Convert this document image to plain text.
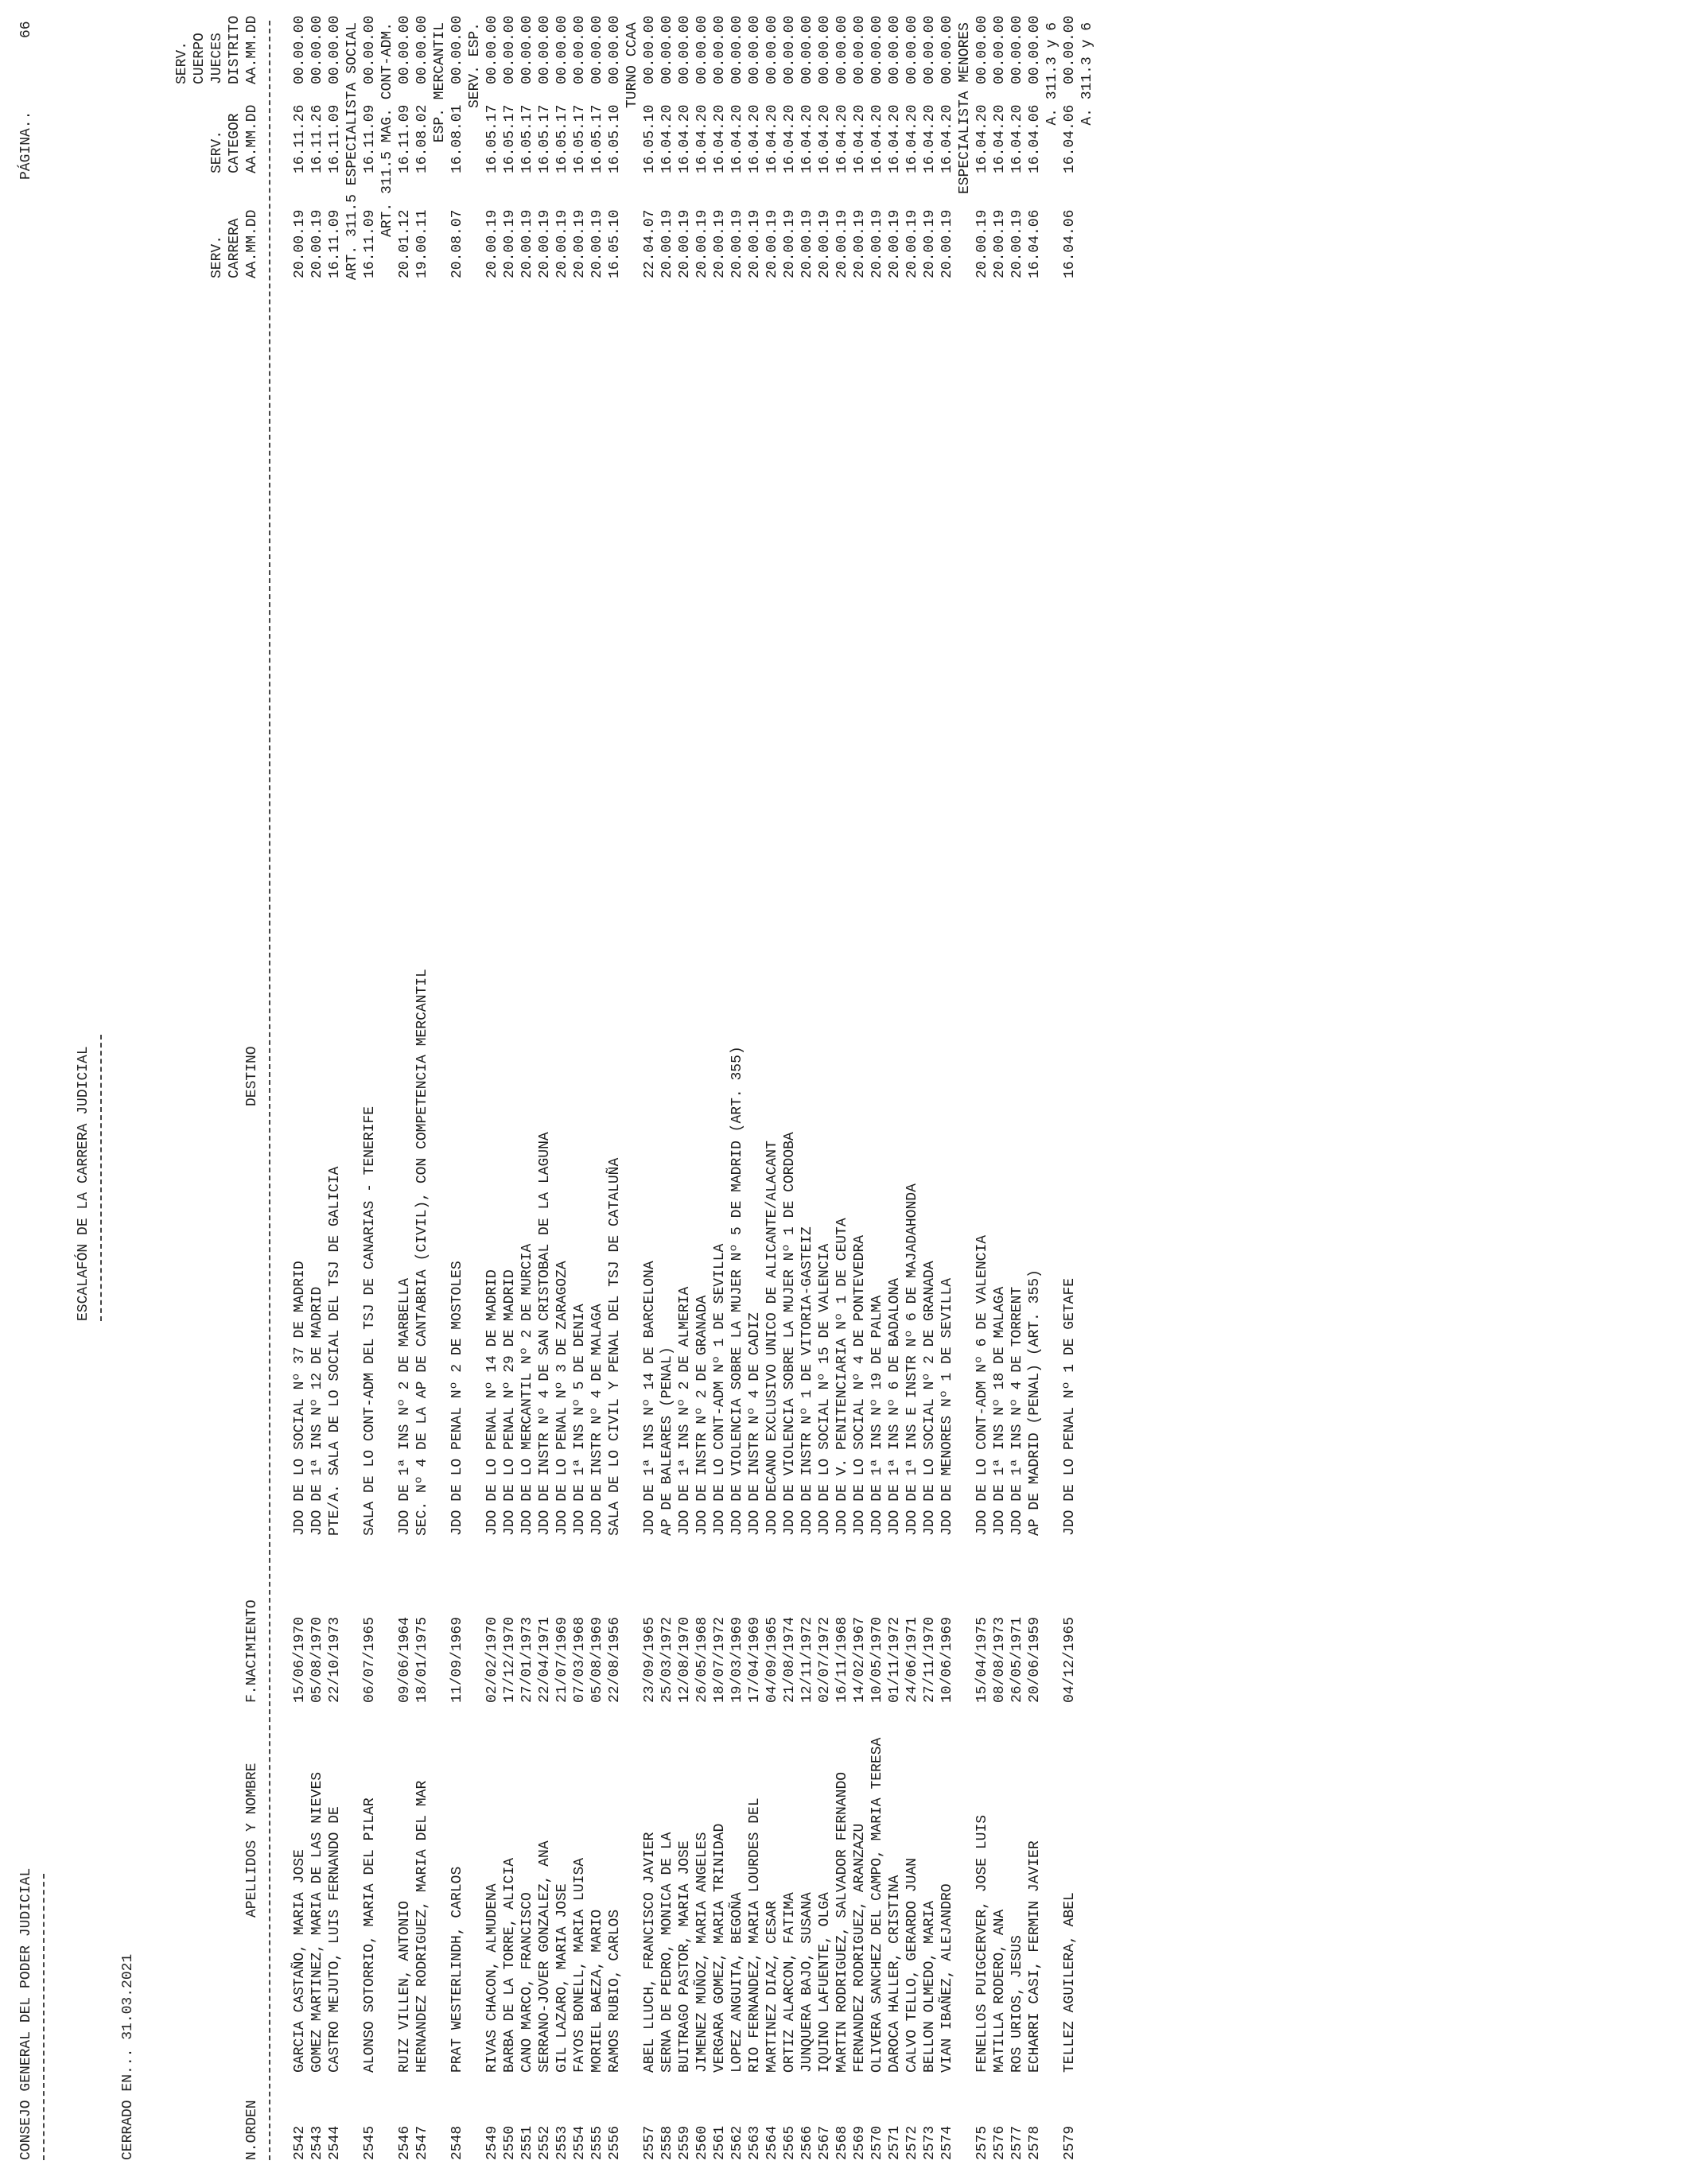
CONSEJO GENERAL DEL PODER JUDICIAL
ESCALAFÓN DE LA CARRERA JUDICIAL
PÁGINA..
66
CERRADO EN... 31.03.2021
SERV. CUERPO JUECES DISTRITO AA.MM.DD
SERV. CATEGOR AA.MM.DD
SERV. CARRERA AA.MM.DD
N.ORDEN
APELLIDOS Y NOMBRE
F.NACIMIENTO
DESTINO
2542
GARCIA CASTAÑO, MARIA JOSE
15/06/1970
JDO DE LO SOCIAL Nº 37 DE MADRID
20.00.19
16.11.26
00.00.00
2543
GOMEZ MARTINEZ, MARIA DE LAS NIEVES
05/08/1970
JDO DE 1ª INS Nº 12 DE MADRID
20.00.19
16.11.26
00.00.00
2544
CASTRO MEJUTO, LUIS FERNANDO DE
22/10/1973
PTE/A. SALA DE LO SOCIAL DEL TSJ DE GALICIA
16.11.09
16.11.09
00.00.00 ART. 311.5 ESPECIALISTA SOCIAL
2545
ALONSO SOTORRIO, MARIA DEL PILAR
06/07/1965
SALA DE LO CONT-ADM DEL TSJ DE CANARIAS - TENERIFE
16.11.09
16.11.09
00.00.00 ART. 311.5 MAG. CONT-ADM.
2546
RUIZ VILLEN, ANTONIO
09/06/1964
JDO DE 1ª INS Nº 2 DE MARBELLA
20.01.12
16.11.09
00.00.00
2547
HERNANDEZ RODRIGUEZ, MARIA DEL MAR
18/01/1975
SEC. Nº 4 DE LA AP DE CANTABRIA (CIVIL), CON COMPETENCIA MERCANTIL
19.00.11
16.08.02
00.00.00 ESP. MERCANTIL
2548
PRAT WESTERLINDH, CARLOS
11/09/1969
JDO DE LO PENAL Nº 2 DE MOSTOLES
20.08.07
16.08.01
00.00.00 SERV. ESP.
2549
RIVAS CHACON, ALMUDENA
02/02/1970
JDO DE LO PENAL Nº 14 DE MADRID
20.00.19
16.05.17
00.00.00
2550
BARBA DE LA TORRE, ALICIA
17/12/1970
JDO DE LO PENAL Nº 29 DE MADRID
20.00.19
16.05.17
00.00.00
2551
CANO MARCO, FRANCISCO
27/01/1973
JDO DE LO MERCANTIL Nº 2 DE MURCIA
20.00.19
16.05.17
00.00.00
2552
SERRANO-JOVER GONZALEZ, ANA
22/04/1971
JDO DE INSTR Nº 4 DE SAN CRISTOBAL DE LA LAGUNA
20.00.19
16.05.17
00.00.00
2553
GIL LAZARO, MARIA JOSE
21/07/1969
JDO DE LO PENAL Nº 3 DE ZARAGOZA
20.00.19
16.05.17
00.00.00
2554
FAYOS BONELL, MARIA LUISA
07/03/1968
JDO DE 1ª INS Nº 5 DE DENIA
20.00.19
16.05.17
00.00.00
2555
MORIEL BAEZA, MARIO
05/08/1969
JDO DE INSTR Nº 4 DE MALAGA
20.00.19
16.05.17
00.00.00
2556
RAMOS RUBIO, CARLOS
22/08/1956
SALA DE LO CIVIL Y PENAL DEL TSJ DE CATALUÑA
16.05.10
16.05.10
00.00.00 TURNO CCAA
2557
ABEL LLUCH, FRANCISCO JAVIER
23/09/1965
JDO DE 1ª INS Nº 14 DE BARCELONA
22.04.07
16.05.10
00.00.00
2558
SERNA DE PEDRO, MONICA DE LA
25/03/1972
AP DE BALEARES (PENAL)
20.00.19
16.04.20
00.00.00
2559
BUITRAGO PASTOR, MARIA JOSE
12/08/1970
JDO DE 1ª INS Nº 2 DE ALMERIA
20.00.19
16.04.20
00.00.00
2560
JIMENEZ MUÑOZ, MARIA ANGELES
26/05/1968
JDO DE INSTR Nº 2 DE GRANADA
20.00.19
16.04.20
00.00.00
2561
VERGARA GOMEZ, MARIA TRINIDAD
18/07/1972
JDO DE LO CONT-ADM Nº 1 DE SEVILLA
20.00.19
16.04.20
00.00.00
2562
LOPEZ ANGUITA, BEGOÑA
19/03/1969
JDO DE VIOLENCIA SOBRE LA MUJER Nº 5 DE MADRID (ART. 355)
20.00.19
16.04.20
00.00.00
2563
RIO FERNANDEZ, MARIA LOURDES DEL
17/04/1969
JDO DE INSTR Nº 4 DE CADIZ
20.00.19
16.04.20
00.00.00
2564
MARTINEZ DIAZ, CESAR
04/09/1965
JDO DECANO EXCLUSIVO UNICO DE ALICANTE/ALACANT
20.00.19
16.04.20
00.00.00
2565
ORTIZ ALARCON, FATIMA
21/08/1974
JDO DE VIOLENCIA SOBRE LA MUJER Nº 1 DE CORDOBA
20.00.19
16.04.20
00.00.00
2566
JUNQUERA BAJO, SUSANA
12/11/1972
JDO DE INSTR Nº 1 DE VITORIA-GASTEIZ
20.00.19
16.04.20
00.00.00
2567
IQUINO LAFUENTE, OLGA
02/07/1972
JDO DE LO SOCIAL Nº 15 DE VALENCIA
20.00.19
16.04.20
00.00.00
2568
MARTIN RODRIGUEZ, SALVADOR FERNANDO
16/11/1968
JDO DE V. PENITENCIARIA Nº 1 DE CEUTA
20.00.19
16.04.20
00.00.00
2569
FERNANDEZ RODRIGUEZ, ARANZAZU
14/02/1967
JDO DE LO SOCIAL Nº 4 DE PONTEVEDRA
20.00.19
16.04.20
00.00.00
2570
OLIVERA SANCHEZ DEL CAMPO, MARIA TERESA
10/05/1970
JDO DE 1ª INS Nº 19 DE PALMA
20.00.19
16.04.20
00.00.00
2571
DAROCA HALLER, CRISTINA
01/11/1972
JDO DE 1ª INS Nº 6 DE BADALONA
20.00.19
16.04.20
00.00.00
2572
CALVO TELLO, GERARDO JUAN
24/06/1971
JDO DE 1ª INS E INSTR Nº 6 DE MAJADAHONDA
20.00.19
16.04.20
00.00.00
2573
BELLON OLMEDO, MARIA
27/11/1970
JDO DE LO SOCIAL Nº 2 DE GRANADA
20.00.19
16.04.20
00.00.00
2574
VIAN IBAÑEZ, ALEJANDRO
10/06/1969
JDO DE MENORES Nº 1 DE SEVILLA
20.00.19
16.04.20
00.00.00 ESPECIALISTA MENORES
2575
FENELLOS PUIGCERVER, JOSE LUIS
15/04/1975
JDO DE LO CONT-ADM Nº 6 DE VALENCIA
20.00.19
16.04.20
00.00.00
2576
MATILLA RODERO, ANA
08/08/1973
JDO DE 1ª INS Nº 18 DE MALAGA
20.00.19
16.04.20
00.00.00
2577
ROS URIOS, JESUS
26/05/1971
JDO DE 1ª INS Nº 4 DE TORRENT
20.00.19
16.04.20
00.00.00
2578
ECHARRI CASI, FERMIN JAVIER
20/06/1959
AP DE MADRID (PENAL) (ART. 355)
16.04.06
16.04.06
00.00.00 A. 311.3 y 6
2579
TELLEZ AGUILERA, ABEL
04/12/1965
JDO DE LO PENAL Nº 1 DE GETAFE
16.04.06
16.04.06
00.00.00 A. 311.3 y 6
